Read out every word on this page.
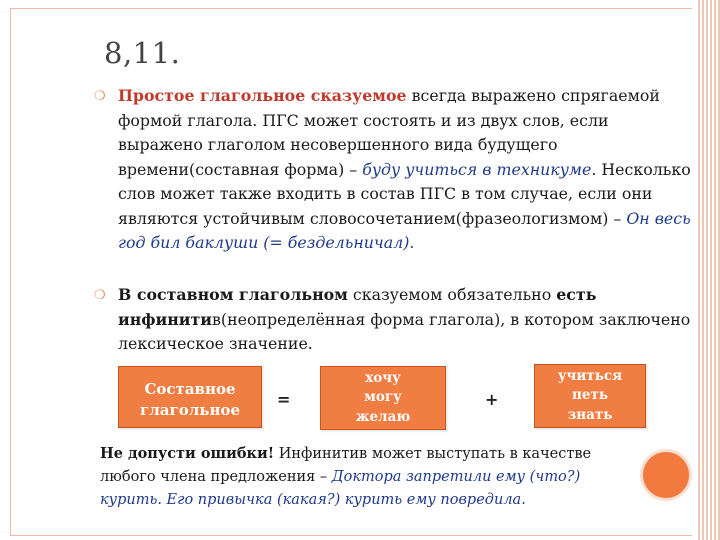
8,11.
❍ Простое глагольное сказуемое всегда выражено спрягаемой формой глагола. ПГС может состоять и из двух слов, если выражено глаголом несовершенного вида будущего времени(составная форма) – буду учиться в техникуме. Несколько слов может также входить в состав ПГС в том случае, если они являются устойчивым словосочетанием(фразеологизмом) – Он весь год бил баклуши (= бездельничал).
❍ В составном глагольном сказуемом обязательно есть инфинитив(неопределённая форма глагола), в котором заключено лексическое значение.
Составное
глагольное
=
хочу
могу
желаю
+
учиться
петь
знать
Не допусти ошибки! Инфинитив может выступать в качестве любого члена предложения – Доктора запретили ему (что?) курить. Его привычка (какая?) курить ему повредила.
